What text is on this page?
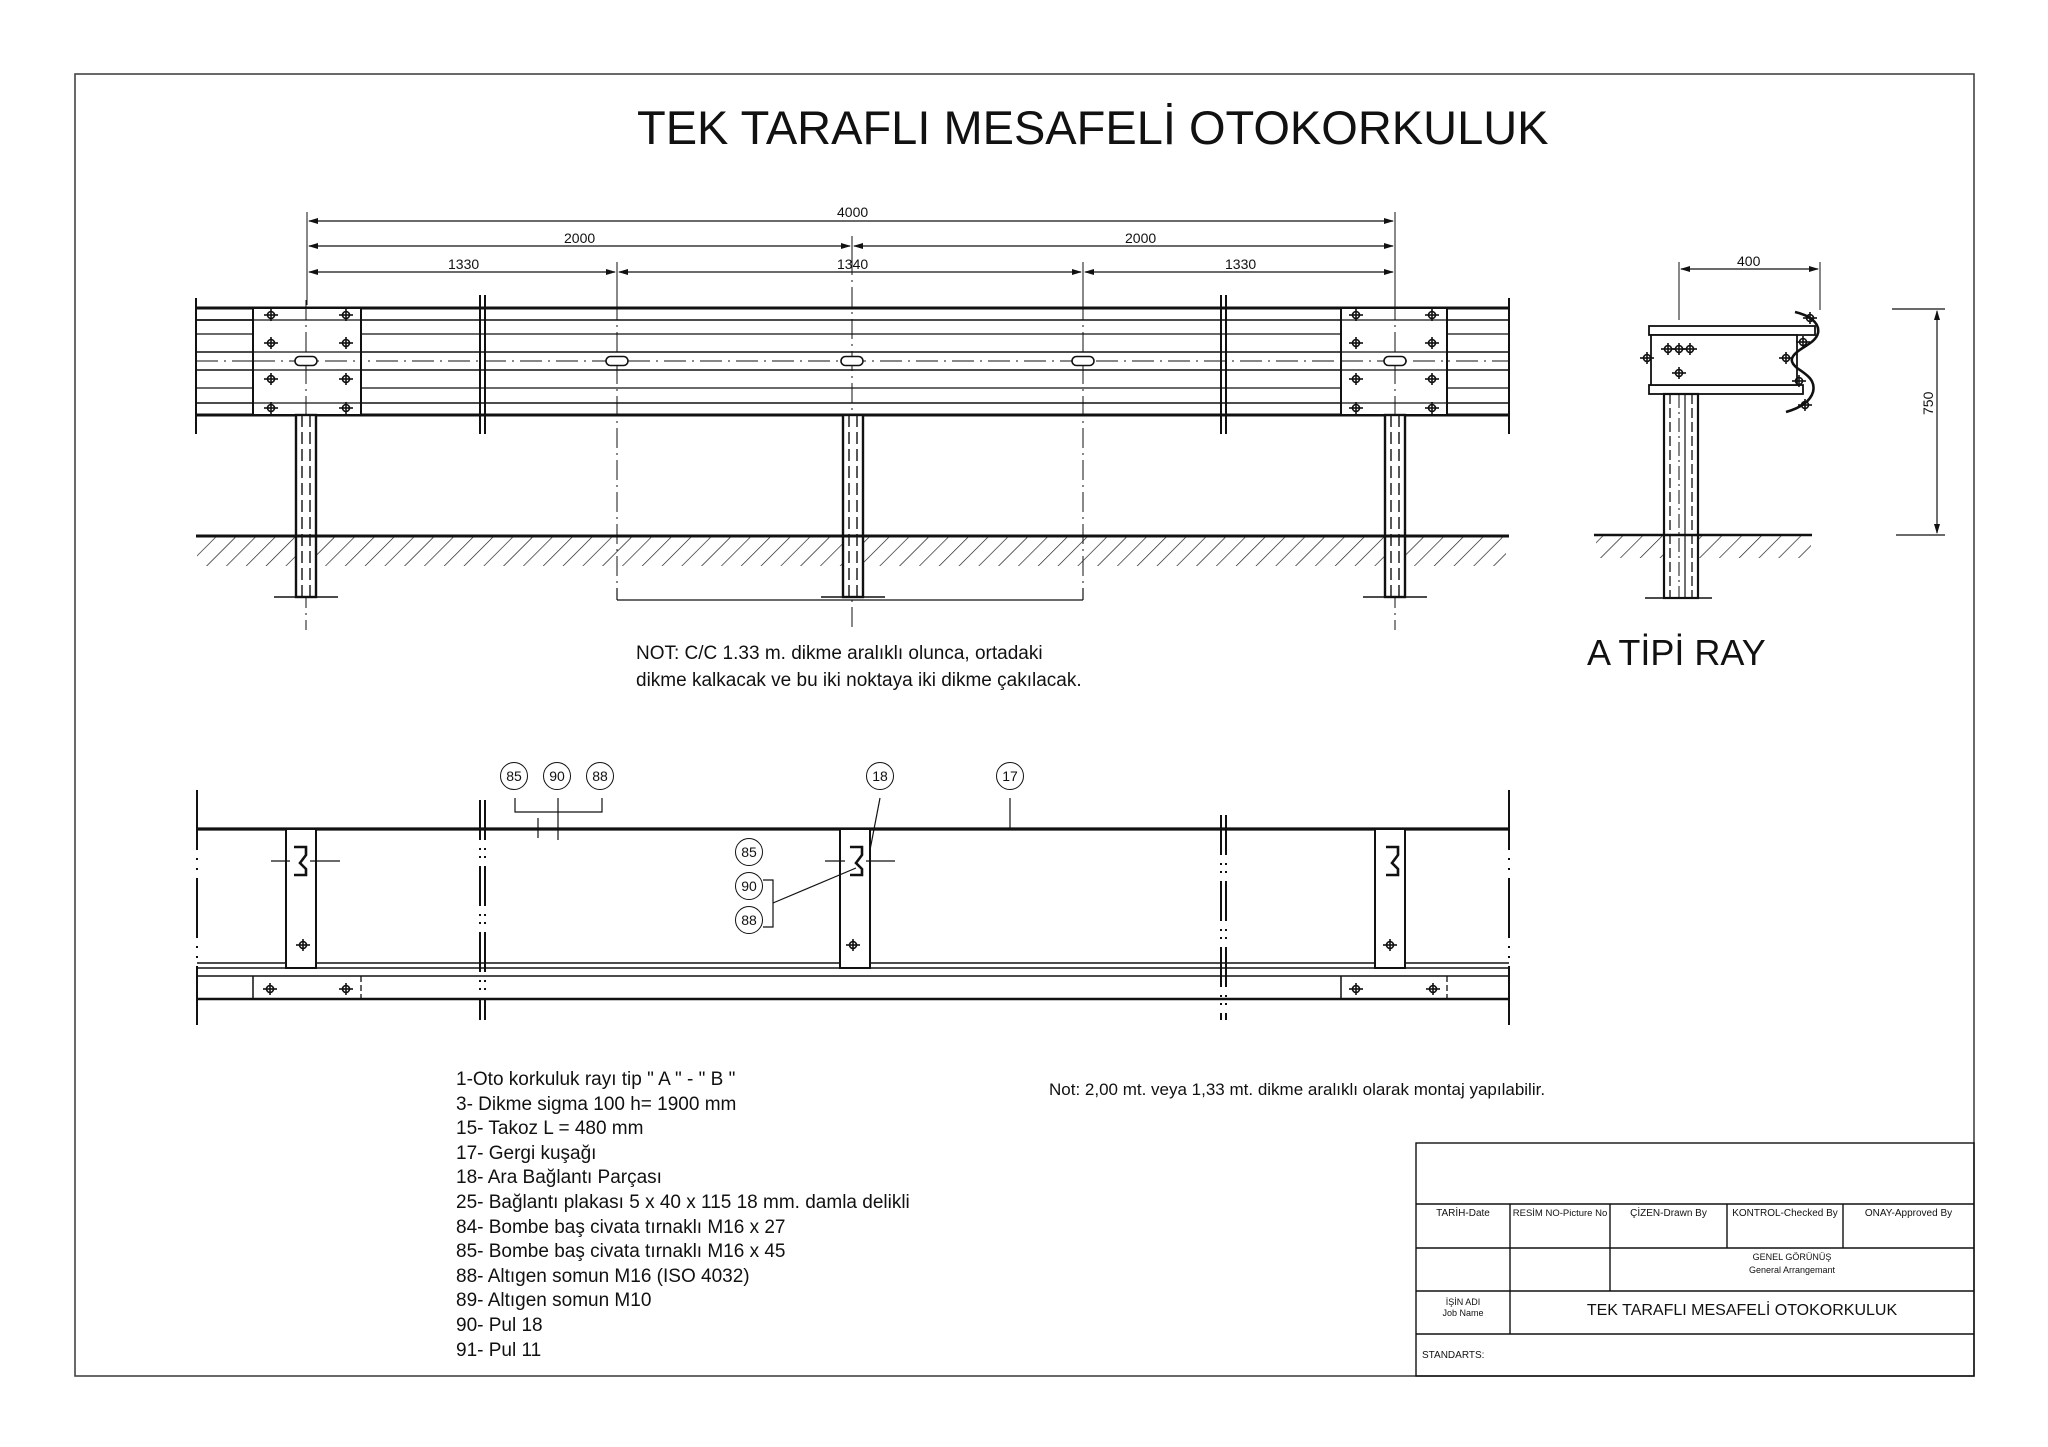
TEK TARAFLI MESAFELİ OTOKORKULUK
4000
2000	2000
1330	1340	1330	400
750
A TİPİ RAY
NOT: C/C 1.33 m. dikme aralıklı olunca, ortadaki
dikme kalkacak ve bu iki noktaya iki dikme çakılacak.
85	90	88
85
90
88
18	17
Not: 2,00 mt. veya 1,33 mt. dikme aralıklı olarak montaj yapılabilir.
1-Oto korkuluk rayı tip " A " - " B "
3- Dikme sigma 100 h= 1900 mm
15- Takoz L = 480 mm
17- Gergi kuşağı
18- Ara Bağlantı Parçası
25- Bağlantı plakası 5 x 40 x 115 18 mm. damla delikli
84- Bombe baş civata tırnaklı M16 x 27
85- Bombe baş civata tırnaklı M16 x 45
88- Altıgen somun M16 (ISO 4032)
89- Altıgen somun M10
90- Pul 18
91- Pul 11
TARİH-Date	RESİM NO-Picture No	ÇİZEN-Drawn By	KONTROL-Checked By	ONAY-Approved By
GENEL GÖRÜNÜŞ
General Arrangemant
İŞİN ADI
Job Name	TEK TARAFLI MESAFELİ OTOKORKULUK
STANDARTS:
